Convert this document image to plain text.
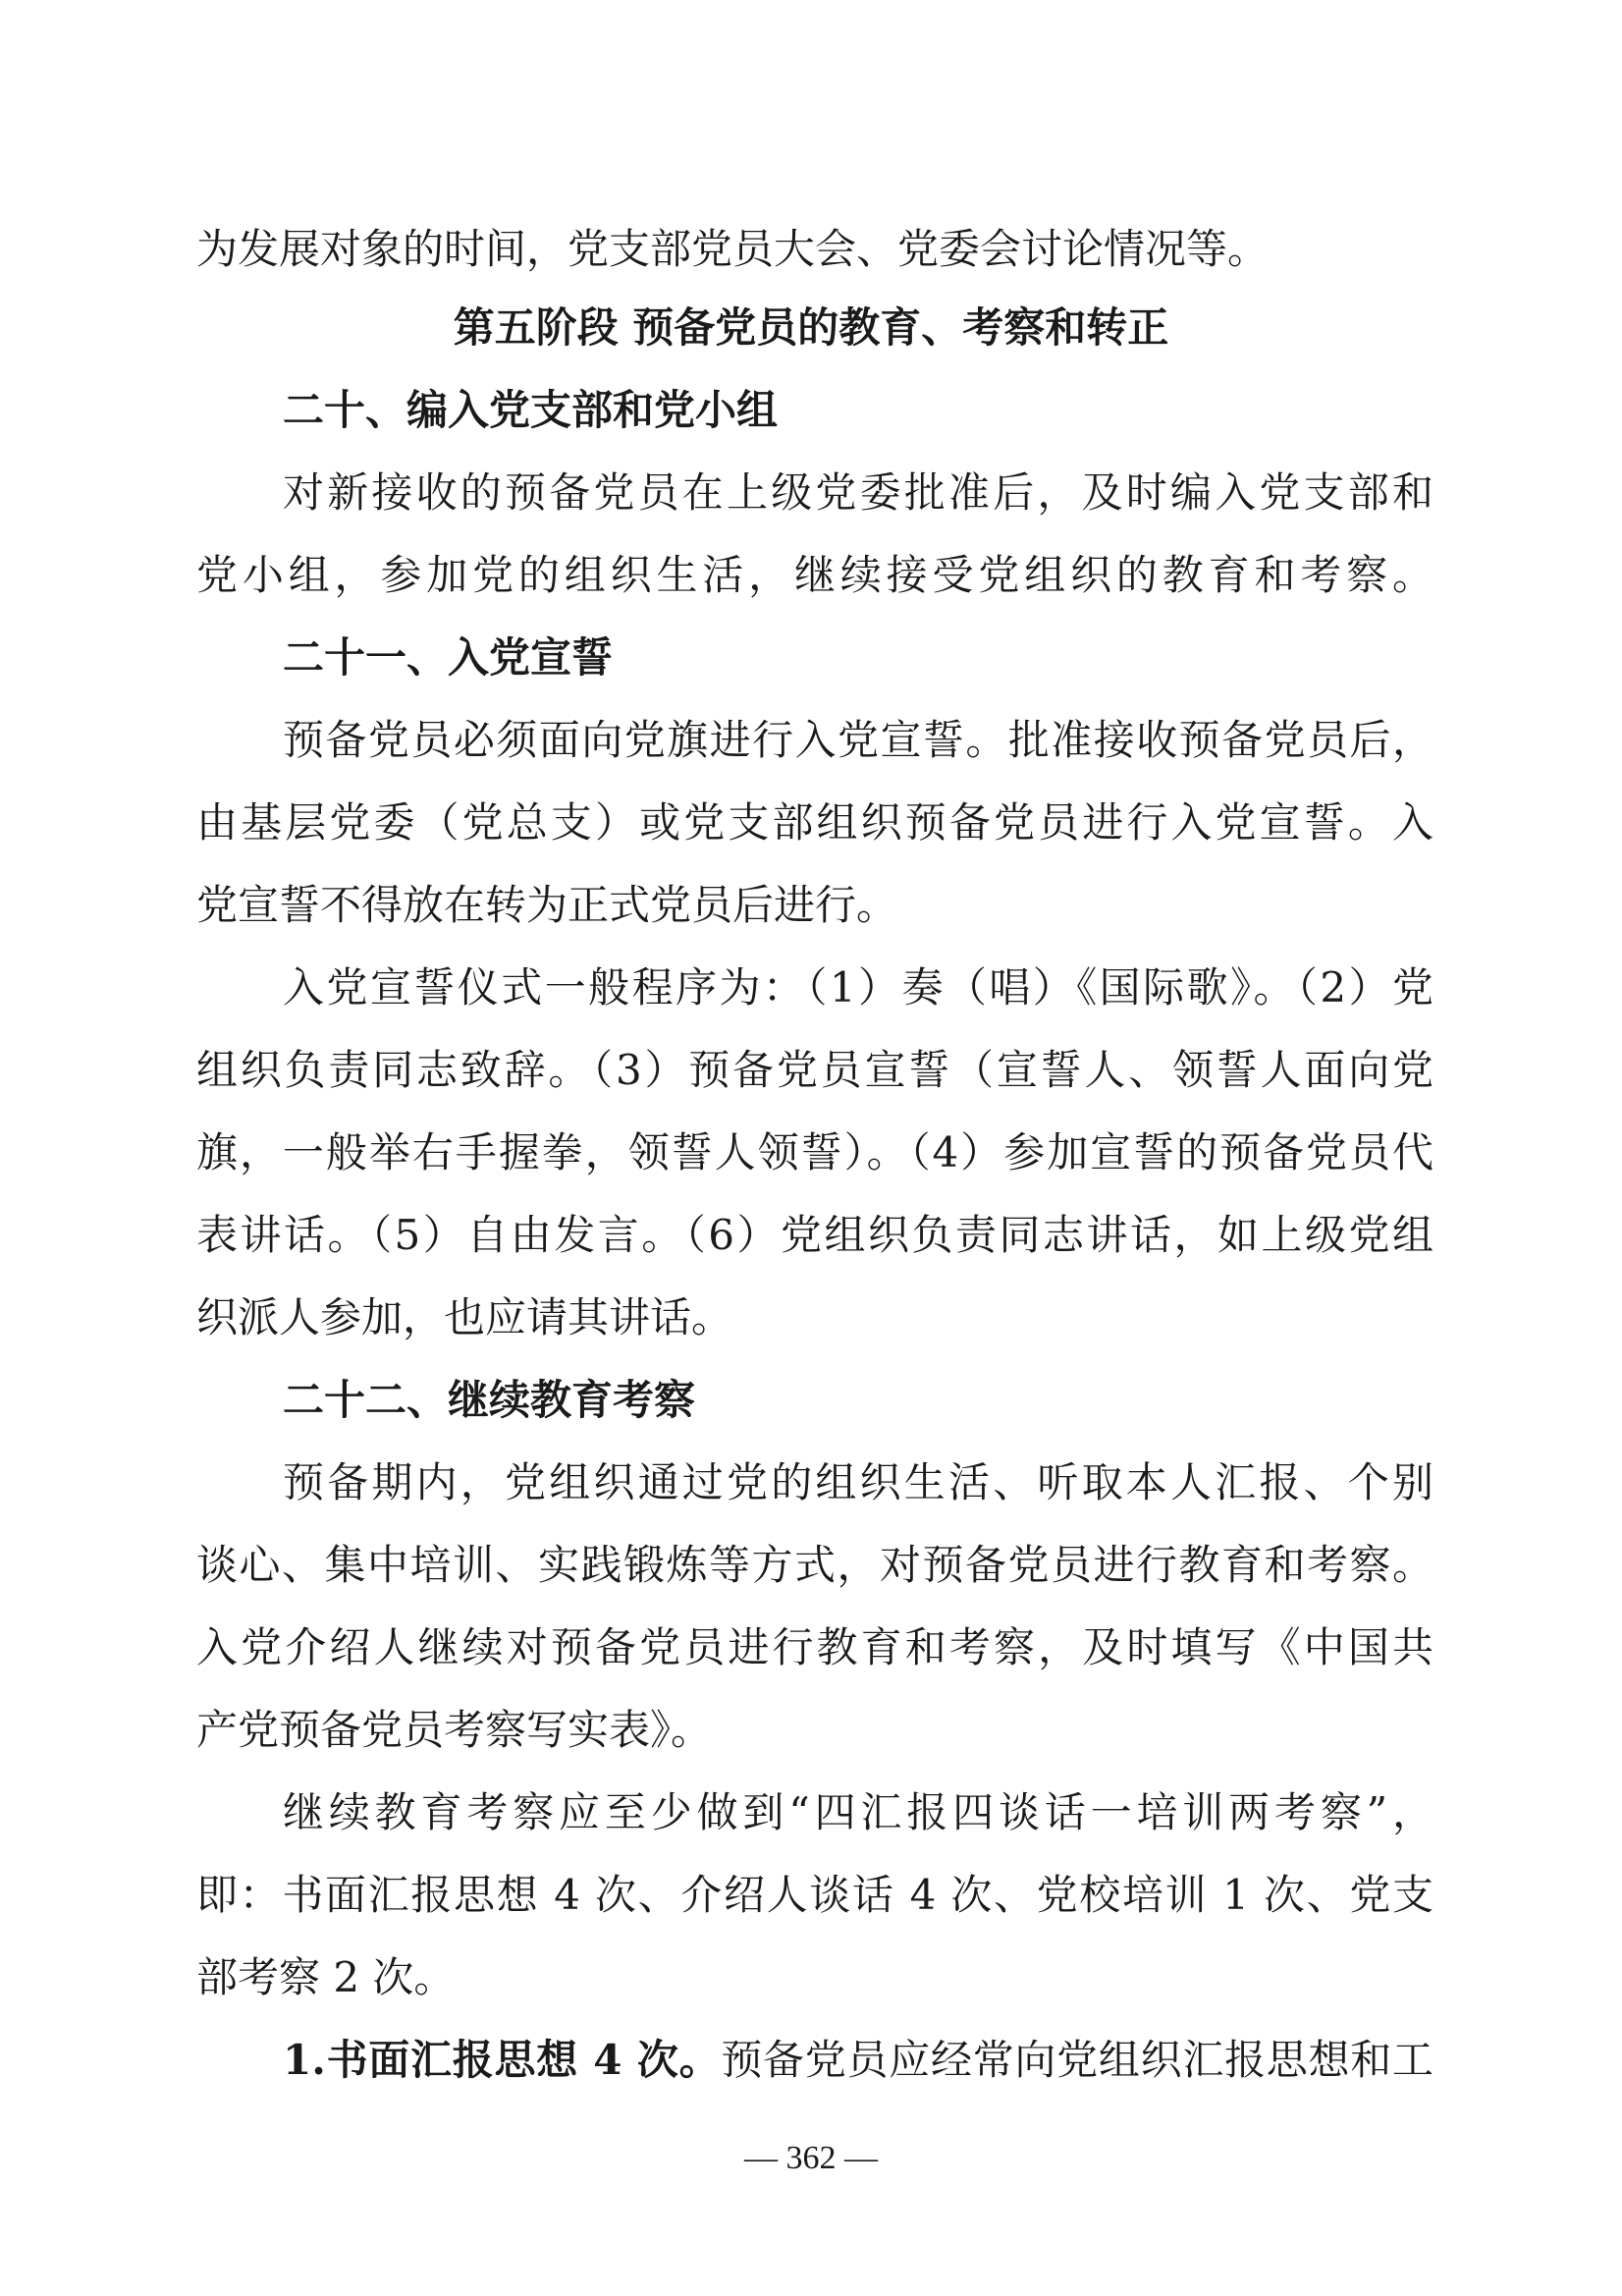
为发展对象的时间，党支部党员大会、党委会讨论情况等。
第五阶段 预备党员的教育、考察和转正
二十、编入党支部和党小组
对新接收的预备党员在上级党委批准后，及时编入党支部和
党小组，参加党的组织生活，继续接受党组织的教育和考察。
二十一、入党宣誓
预备党员必须面向党旗进行入党宣誓。批准接收预备党员后，
由基层党委（党总支）或党支部组织预备党员进行入党宣誓。入
党宣誓不得放在转为正式党员后进行。
入党宣誓仪式一般程序为：（1）奏（唱）《国际歌》。（2）党
组织负责同志致辞。（3）预备党员宣誓（宣誓人、领誓人面向党
旗，一般举右手握拳，领誓人领誓）。（4）参加宣誓的预备党员代
表讲话。（5）自由发言。（6）党组织负责同志讲话，如上级党组
织派人参加，也应请其讲话。
二十二、继续教育考察
预备期内，党组织通过党的组织生活、听取本人汇报、个别
谈心、集中培训、实践锻炼等方式，对预备党员进行教育和考察。
入党介绍人继续对预备党员进行教育和考察，及时填写《中国共
产党预备党员考察写实表》。
继续教育考察应至少做到“四汇报四谈话一培训两考察”，
即：书面汇报思想 4 次、介绍人谈话 4 次、党校培训 1 次、党支
部考察 2 次。
1.书面汇报思想 4 次。预备党员应经常向党组织汇报思想和工
— 362 —
